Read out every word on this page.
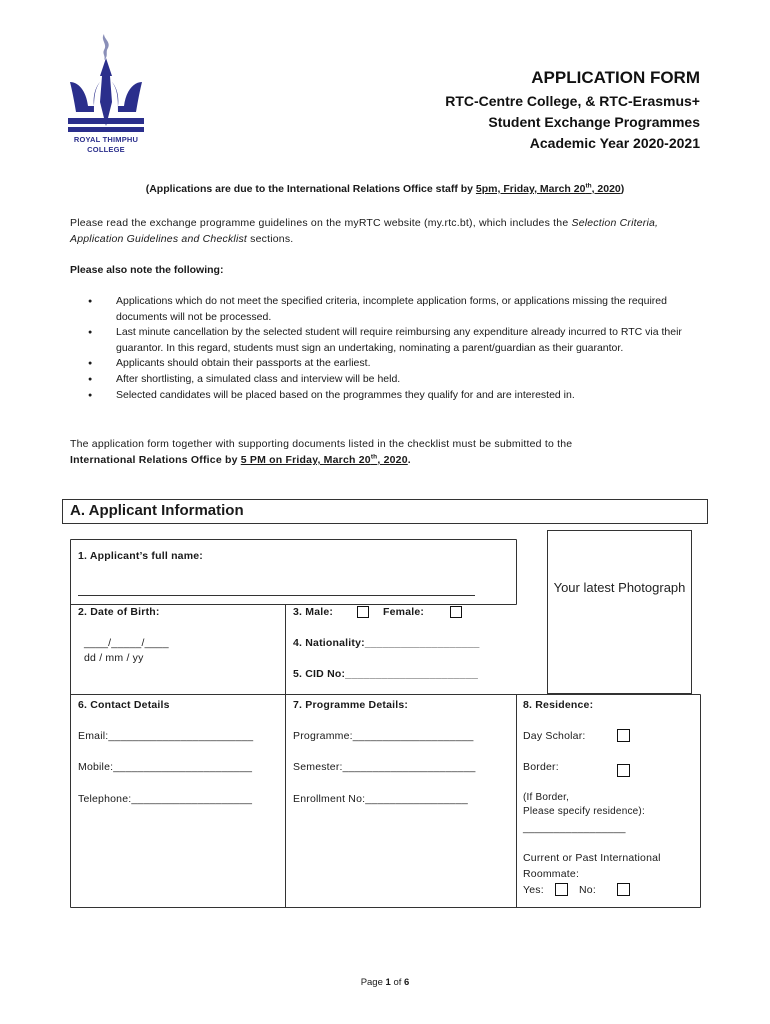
ROYAL THIMPHU
COLLEGE
APPLICATION FORM
RTC-Centre College, & RTC-Erasmus+
Student Exchange Programmes
Academic Year 2020-2021
(Applications are due to the International Relations Office staff by 5pm, Friday, March 20th, 2020)
Please read the exchange programme guidelines on the myRTC website (my.rtc.bt), which includes the Selection Criteria, Application Guidelines and Checklist sections.
Please also note the following:
● Applications which do not meet the specified criteria, incomplete application forms, or applications missing the required documents will not be processed.
● Last minute cancellation by the selected student will require reimbursing any expenditure already incurred to RTC via their guarantor. In this regard, students must sign an undertaking, nominating a parent/guardian as their guarantor.
● Applicants should obtain their passports at the earliest.
● After shortlisting, a simulated class and interview will be held.
● Selected candidates will be placed based on the programmes they qualify for and are interested in.
The application form together with supporting documents listed in the checklist must be submitted to the
International Relations Office by 5 PM on Friday, March 20th, 2020.
A. Applicant Information
Your latest Photograph
1. Applicant’s full name:
2. Date of Birth:
____/_____/____
dd / mm / yy
3. Male:	Female:
4. Nationality:___________________
5. CID No:______________________
6. Contact Details
Email:________________________
Mobile:_______________________
Telephone:____________________
7. Programme Details:
Programme:____________________
Semester:______________________
Enrollment No:_________________
8. Residence:
Day Scholar:
Border:
(If Border,
Please specify residence):
_________________
Current or Past International
Roommate:
Yes:	No:
Page 1 of 6
